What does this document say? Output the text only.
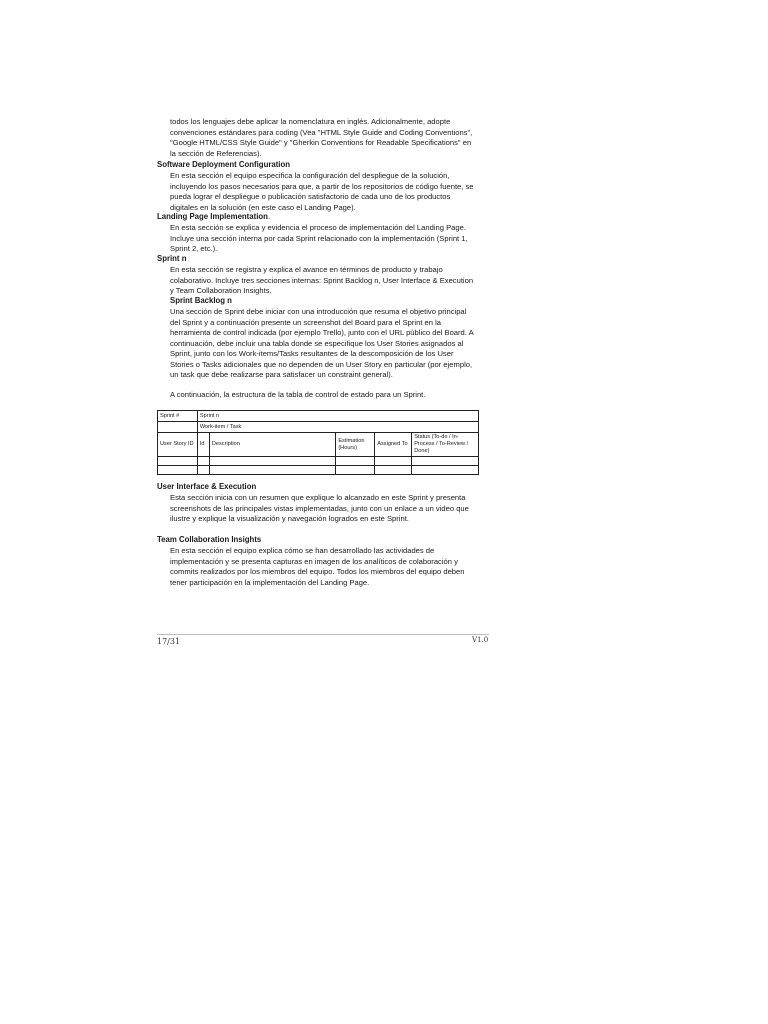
todos los lenguajes debe aplicar la nomenclatura en inglés. Adicionalmente, adopte convenciones estándares para coding (Vea "HTML Style Guide and Coding Conventions", "Google HTML/CSS Style Guide" y "Gherkin Conventions for Readable Specifications" en la sección de Referencias).
Software Deployment Configuration
En esta sección el equipo especifica la configuración del despliegue de la solución, incluyendo los pasos necesarios para que, a partir de los repositorios de código fuente, se pueda lograr el despliegue o publicación satisfactorio de cada uno de los productos digitales en la solución (en este caso el Landing Page).
Landing Page Implementation.
En esta sección se explica y evidencia el proceso de implementación del Landing Page. Incluye una sección interna por cada Sprint relacionado con la implementación (Sprint 1, Sprint 2, etc.).
Sprint n
En esta sección se registra y explica el avance en términos de producto y trabajo colaborativo. Incluye tres secciones internas: Sprint Backlog n, User Interface & Execution y Team Collaboration Insights.
Sprint Backlog n
Una sección de Sprint debe iniciar con una introducción que resuma el objetivo principal del Sprint y a continuación presente un screenshot del Board para el Sprint en la herramienta de control indicada (por ejemplo Trello), junto con el URL público del Board. A continuación, debe incluir una tabla donde se especifique los User Stories asignados al Sprint, junto con los Work-items/Tasks resultantes de la descomposición de los User Stories o Tasks adicionales que no dependen de un User Story en particular (por ejemplo, un task que debe realizarse para satisfacer un constraint general).
A continuación, la estructura de la tabla de control de estado para un Sprint.
Sprint #	Sprint n				
	Work-item / Task				
User Story ID	Id	Description	Estimation (Hours)	Assigned To	Status (To-do / In-Process / To-Review / Done)

User Interface & Execution
Esta sección inicia con un resumen que explique lo alcanzado en este Sprint y presenta screenshots de las principales vistas implementadas, junto con un enlace a un video que ilustre y explique la visualización y navegación logrados en este Sprint.
Team Collaboration Insights
En esta sección el equipo explica cómo se han desarrollado las actividades de implementación y se presenta capturas en imagen de los analíticos de colaboración y commits realizados por los miembros del equipo. Todos los miembros del equipo deben tener participación en la implementación del Landing Page.
17/31	V1.0
